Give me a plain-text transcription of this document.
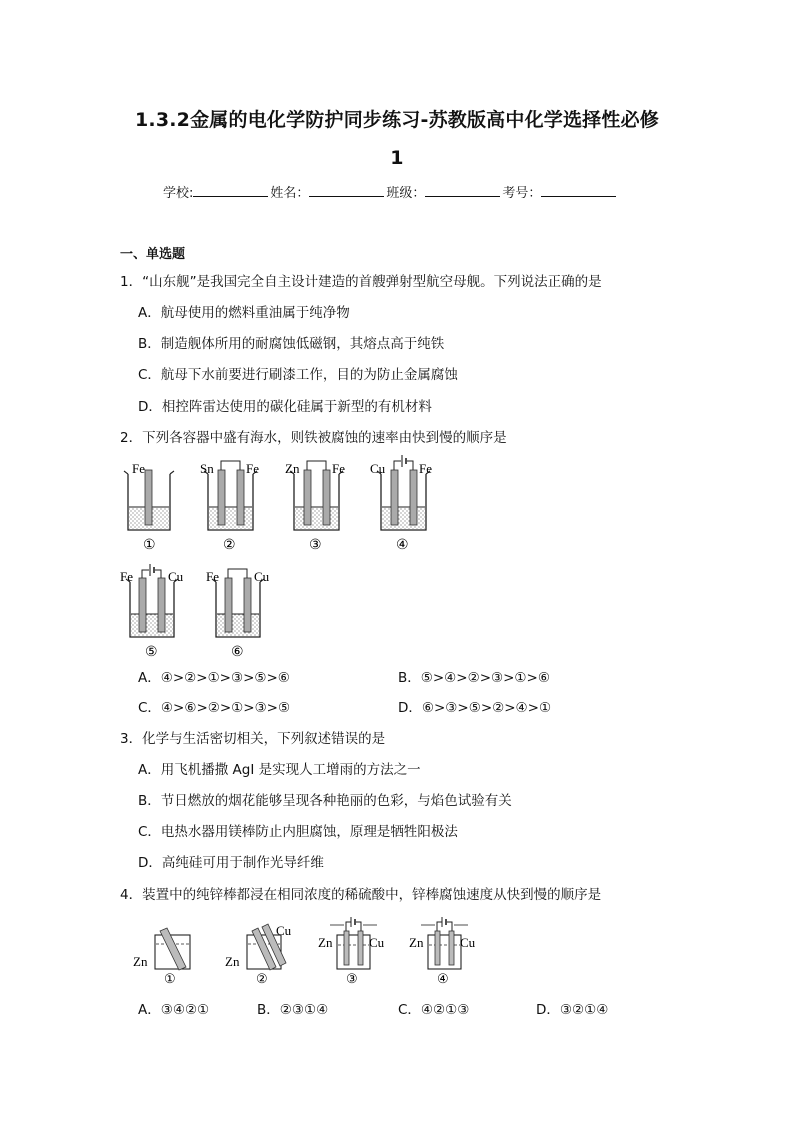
1.3.2金属的电化学防护同步练习-苏教版高中化学选择性必修
1
学校:	姓名：	班级：	考号：
一、单选题
1．“山东舰”是我国完全自主设计建造的首艘弹射型航空母舰。下列说法正确的是
A．航母使用的燃料重油属于纯净物
B．制造舰体所用的耐腐蚀低磁钢，其熔点高于纯铁
C．航母下水前要进行刷漆工作，目的为防止金属腐蚀
D．相控阵雷达使用的碳化硅属于新型的有机材料
2．下列各容器中盛有海水，则铁被腐蚀的速率由快到慢的顺序是
Fe
①
Sn Fe
②
Zn	Fe
③
Cu	Fe
④
Fe	Cu
⑤
Fe	Cu
⑥
A．④>②>①>③>⑤>⑥	B．⑤>④>②>③>①>⑥
C．④>⑥>②>①>③>⑤	D．⑥>③>⑤>②>④>①
3．化学与生活密切相关，下列叙述错误的是
A．用飞机播撒 AgI 是实现人工增雨的方法之一
B．节日燃放的烟花能够呈现各种艳丽的色彩，与焰色试验有关
C．电热水器用镁棒防止内胆腐蚀，原理是牺牲阳极法
D．高纯硅可用于制作光导纤维
4．装置中的纯锌棒都浸在相同浓度的稀硫酸中，锌棒腐蚀速度从快到慢的顺序是
Zn
①
Zn
Cu
②
Zn	Cu
③
Zn	Cu
④
A．③④②①	B．②③①④	C．④②①③	D．③②①④
